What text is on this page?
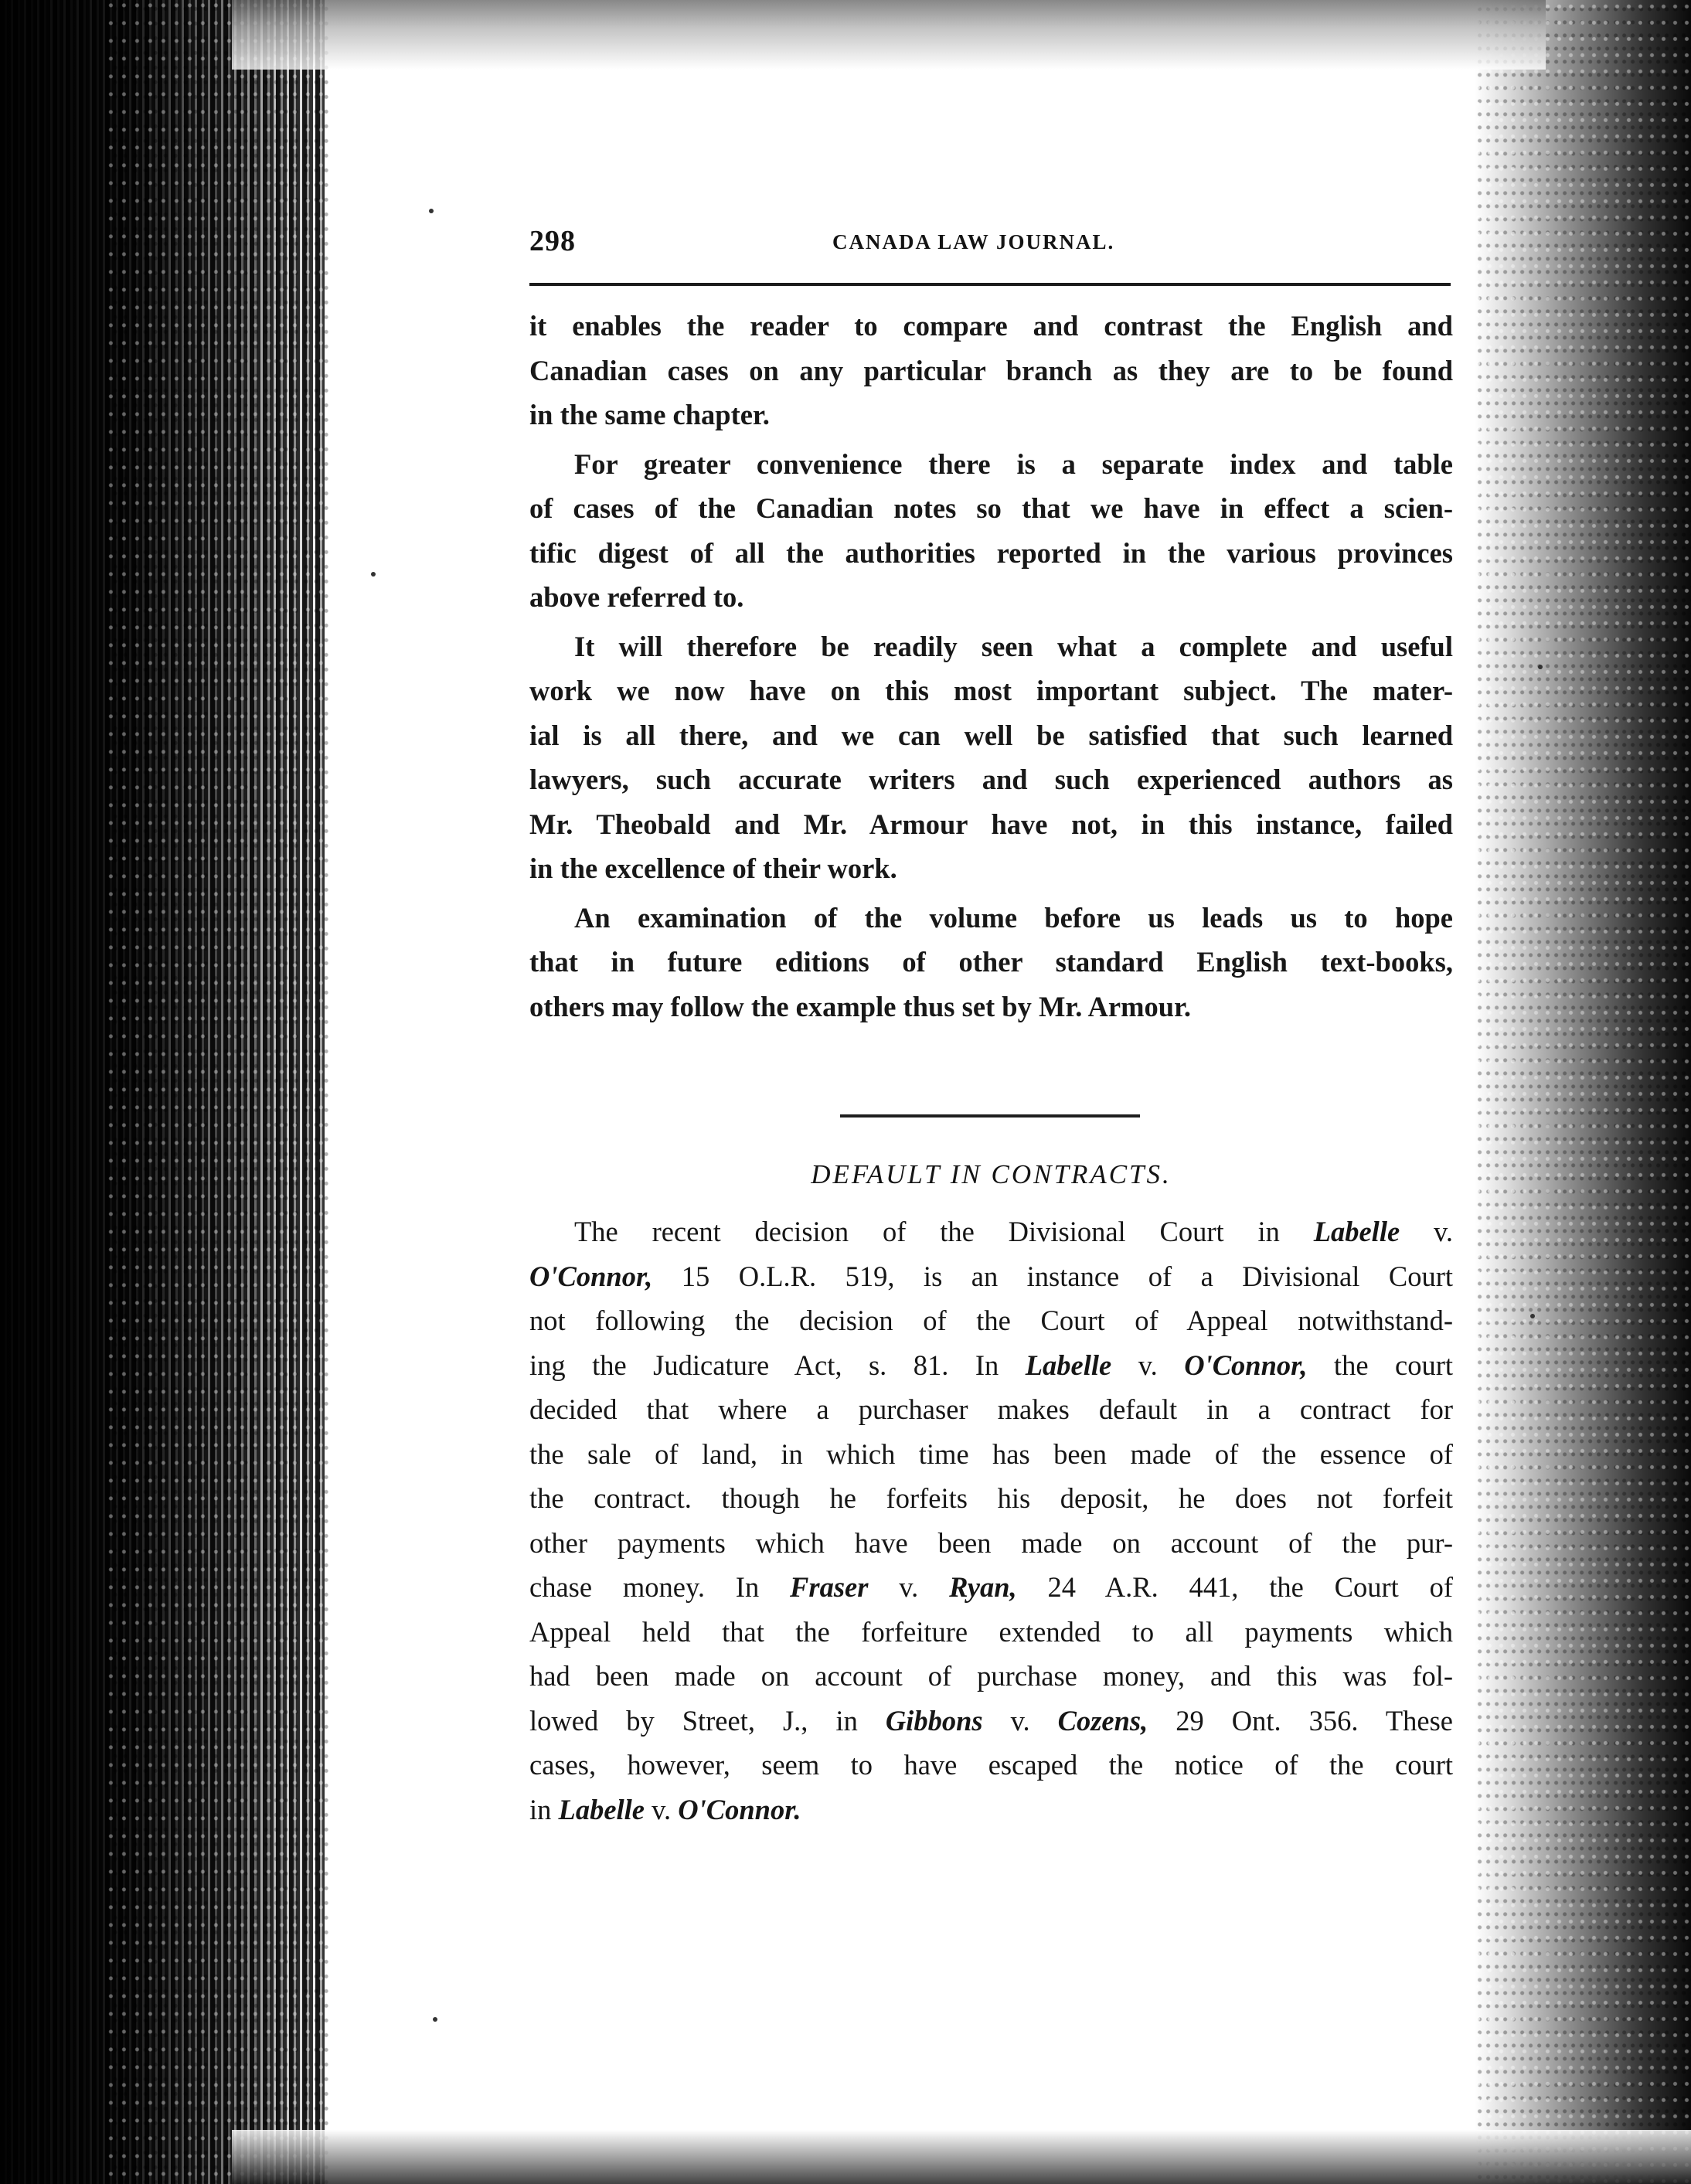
298	CANADA LAW JOURNAL.

it enables the reader to compare and contrast the English and
Canadian cases on any particular branch as they are to be found
in the same chapter.

For greater convenience there is a separate index and table
of cases of the Canadian notes so that we have in effect a scien-
tific digest of all the authorities reported in the various provinces
above referred to.

It will therefore be readily seen what a complete and useful
work we now have on this most important subject. The mater-
ial is all there, and we can well be satisfied that such learned
lawyers, such accurate writers and such experienced authors as
Mr. Theobald and Mr. Armour have not, in this instance, failed
in the excellence of their work.

An examination of the volume before us leads us to hope
that in future editions of other standard English text-books,
others may follow the example thus set by Mr. Armour.

DEFAULT IN CONTRACTS.
The recent decision of the Divisional Court in Labelle v.
O'Connor, 15 O.L.R. 519, is an instance of a Divisional Court
not following the decision of the Court of Appeal notwithstand-
ing the Judicature Act, s. 81. In Labelle v. O'Connor, the court
decided that where a purchaser makes default in a contract for
the sale of land, in which time has been made of the essence of
the contract. though he forfeits his deposit, he does not forfeit
other payments which have been made on account of the pur-
chase money. In Fraser v. Ryan, 24 A.R. 441, the Court of
Appeal held that the forfeiture extended to all payments which
had been made on account of purchase money, and this was fol-
lowed by Street, J., in Gibbons v. Cozens, 29 Ont. 356. These
cases, however, seem to have escaped the notice of the court
in Labelle v. O'Connor.
